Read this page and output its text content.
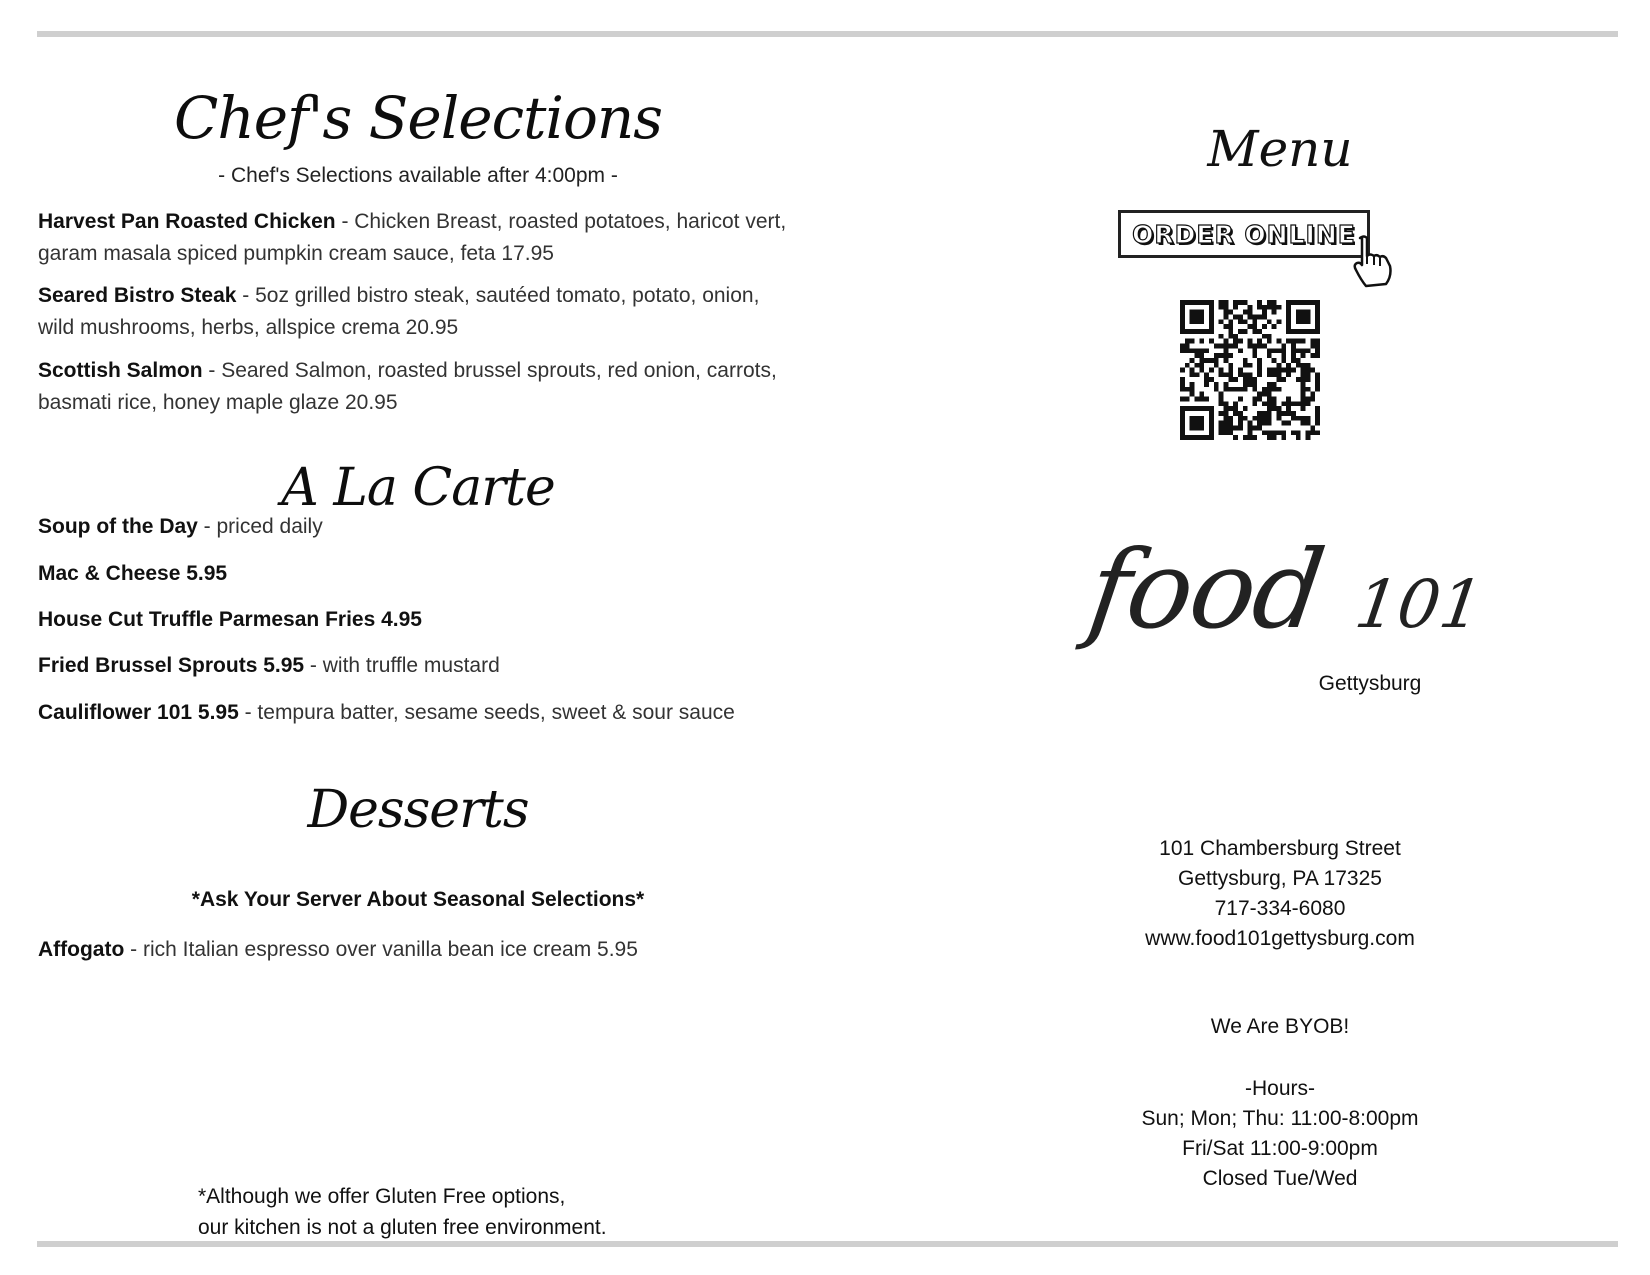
Chef's Selections
- Chef's Selections available after 4:00pm -
Harvest Pan Roasted Chicken - Chicken Breast, roasted potatoes, haricot vert, garam masala spiced pumpkin cream sauce, feta 17.95
Seared Bistro Steak - 5oz grilled bistro steak, sautéed tomato, potato, onion, wild mushrooms, herbs, allspice crema 20.95
Scottish Salmon - Seared Salmon, roasted brussel sprouts, red onion, carrots, basmati rice, honey maple glaze 20.95
A La Carte
Soup of the Day - priced daily
Mac & Cheese 5.95
House Cut Truffle Parmesan Fries 4.95
Fried Brussel Sprouts 5.95 - with truffle mustard
Cauliflower 101 5.95 - tempura batter, sesame seeds, sweet & sour sauce
Desserts
*Ask Your Server About Seasonal Selections*
Affogato - rich Italian espresso over vanilla bean ice cream 5.95
*Although we offer Gluten Free options,
our kitchen is not a gluten free environment.
Menu
ORDER ONLINE
food 101
Gettysburg
101 Chambersburg Street
Gettysburg, PA 17325
717-334-6080
www.food101gettysburg.com
We Are BYOB!
-Hours-
Sun; Mon; Thu: 11:00-8:00pm
Fri/Sat 11:00-9:00pm
Closed Tue/Wed
